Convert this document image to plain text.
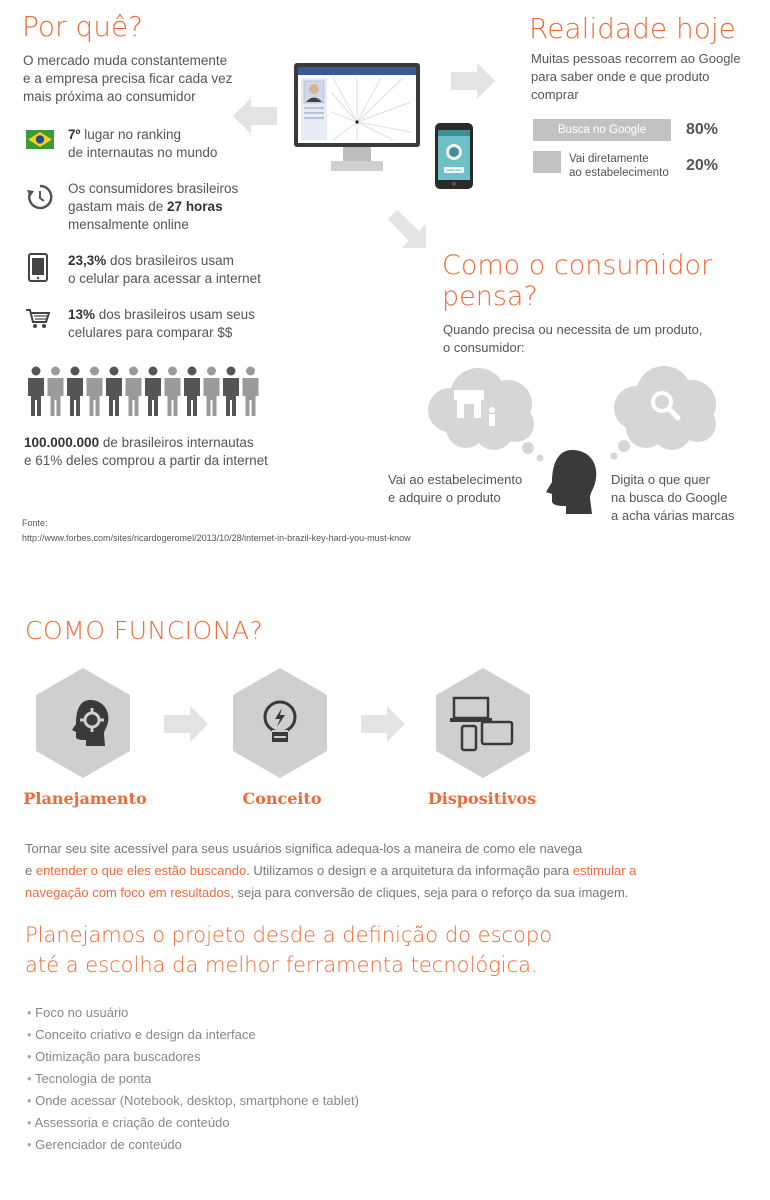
Por quê?
O mercado muda constantemente
e a empresa precisa ficar cada vez
mais próxima ao consumidor
7º lugar no ranking
de internautas no mundo
Os consumidores brasileiros
gastam mais de 27 horas
mensalmente online
23,3% dos brasileiros usam
o celular para acessar a internet
13% dos brasileiros usam seus
celulares para comparar $$
100.000.000 de brasileiros internautas
e 61% deles comprou a partir da internet
Fonte:
http://www.forbes.com/sites/ricardogeromel/2013/10/28/internet-in-brazil-key-hard-you-must-know
saiba mais
Realidade hoje
Muitas pessoas recorrem ao Google
para saber onde e que produto
comprar
Busca no Google	80%
Vai diretamente
ao estabelecimento 20%
Como o consumidor
pensa?
Quando precisa ou necessita de um produto,
o consumidor:
Vai ao estabelecimento
e adquire o produto
Digita o que quer
na busca do Google
a acha várias marcas
COMO FUNCIONA?
Planejamento	Conceito	Dispositivos
Tornar seu site acessível para seus usuários significa adequa-los a maneira de como ele navega
e entender o que eles estão buscando. Utilizamos o design e a arquitetura da informação para estimular a
navegação com foco em resultados, seja para conversão de cliques, seja para o reforço da sua imagem.
Planejamos o projeto desde a definição do escopo
até a escolha da melhor ferramenta tecnológica.
• Foco no usuário
• Conceito criativo e design da interface
• Otimização para buscadores
• Tecnologia de ponta
• Onde acessar (Notebook, desktop, smartphone e tablet)
• Assessoria e criação de conteúdo
• Gerenciador de conteúdo
